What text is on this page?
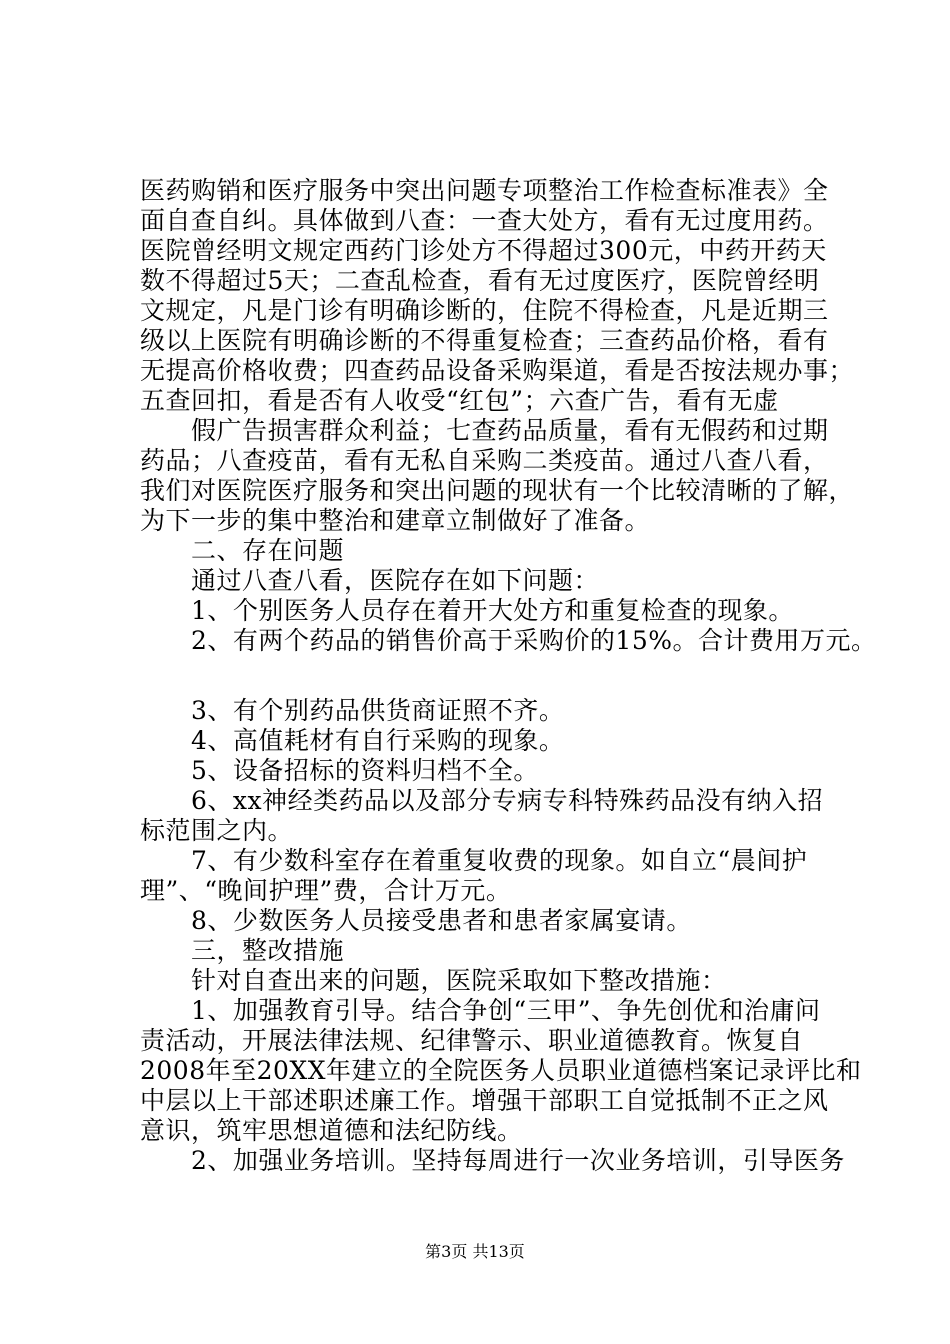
医药购销和医疗服务中突出问题专项整治工作检查标准表》全
面自查自纠。具体做到八查：一查大处方，看有无过度用药。
医院曾经明文规定西药门诊处方不得超过300元，中药开药天
数不得超过5天；二查乱检查，看有无过度医疗，医院曾经明
文规定，凡是门诊有明确诊断的，住院不得检查，凡是近期三
级以上医院有明确诊断的不得重复检查；三查药品价格，看有
无提高价格收费；四查药品设备采购渠道，看是否按法规办事；
五查回扣，看是否有人收受“红包”；六查广告，看有无虚
　　假广告损害群众利益；七查药品质量，看有无假药和过期
药品；八查疫苗，看有无私自采购二类疫苗。通过八查八看，
我们对医院医疗服务和突出问题的现状有一个比较清晰的了解，
为下一步的集中整治和建章立制做好了准备。
　　二、存在问题
　　通过八查八看，医院存在如下问题：
　　1、个别医务人员存在着开大处方和重复检查的现象。
　　2、有两个药品的销售价高于采购价的15%。合计费用万元。
　　3、有个别药品供货商证照不齐。
　　4、高值耗材有自行采购的现象。
　　5、设备招标的资料归档不全。
　　6、xx神经类药品以及部分专病专科特殊药品没有纳入招
标范围之内。
　　7、有少数科室存在着重复收费的现象。如自立“晨间护
理”、“晚间护理”费，合计万元。
　　8、少数医务人员接受患者和患者家属宴请。
　　三，整改措施
　　针对自查出来的问题，医院采取如下整改措施：
　　1、加强教育引导。结合争创“三甲”、争先创优和治庸问
责活动，开展法律法规、纪律警示、职业道德教育。恢复自
2008年至20XX年建立的全院医务人员职业道德档案记录评比和
中层以上干部述职述廉工作。增强干部职工自觉抵制不正之风
意识，筑牢思想道德和法纪防线。
　　2、加强业务培训。坚持每周进行一次业务培训，引导医务
第3页 共13页
